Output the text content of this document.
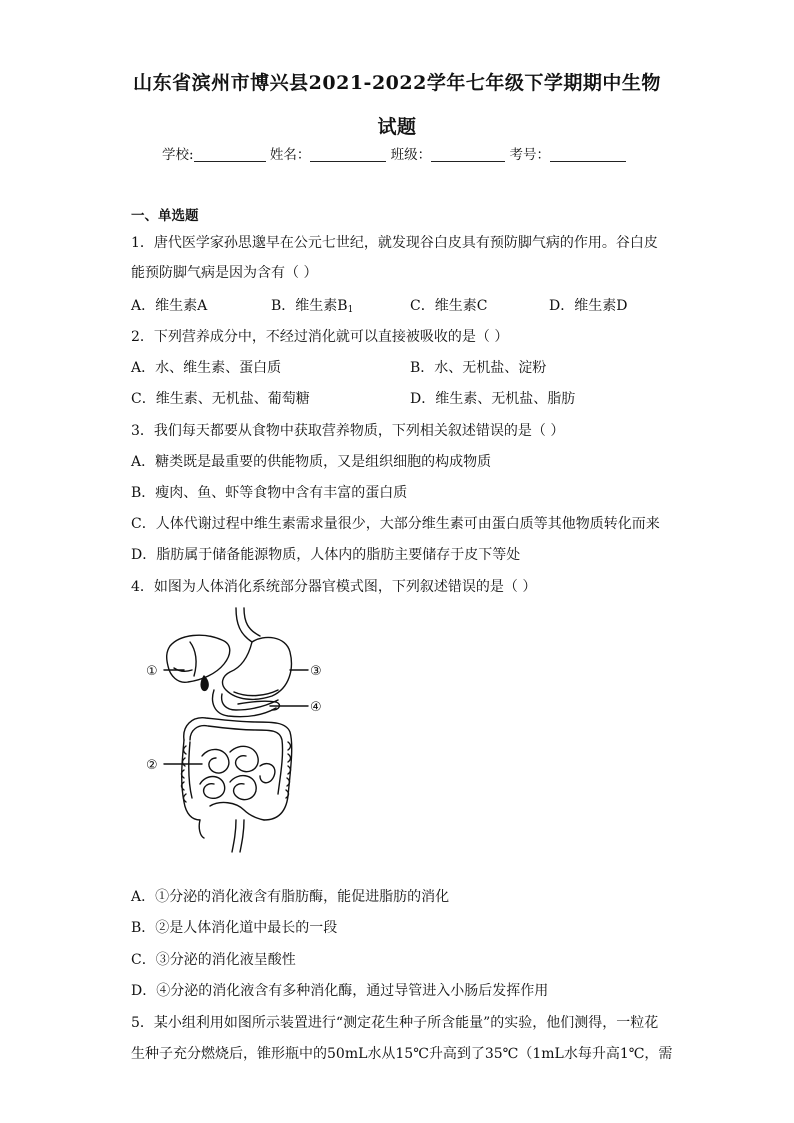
山东省滨州市博兴县2021-2022学年七年级下学期期中生物
试题
学校:	姓名：	班级：	考号：
一、单选题
1．唐代医学家孙思邈早在公元七世纪，就发现谷白皮具有预防脚气病的作用。谷白皮
能预防脚气病是因为含有（ ）
A．维生素A	B．维生素$B_1$	C．维生素C	D．维生素D
2．下列营养成分中，不经过消化就可以直接被吸收的是（ ）
A．水、维生素、蛋白质	B．水、无机盐、淀粉
C．维生素、无机盐、葡萄糖	D．维生素、无机盐、脂肪
3．我们每天都要从食物中获取营养物质，下列相关叙述错误的是（ ）
A．糖类既是最重要的供能物质，又是组织细胞的构成物质
B．瘦肉、鱼、虾等食物中含有丰富的蛋白质
C．人体代谢过程中维生素需求量很少，大部分维生素可由蛋白质等其他物质转化而来
D．脂肪属于储备能源物质，人体内的脂肪主要储存于皮下等处
4．如图为人体消化系统部分器官模式图，下列叙述错误的是（ ）
①
②
③
④
A．①分泌的消化液含有脂肪酶，能促进脂肪的消化
B．②是人体消化道中最长的一段
C．③分泌的消化液呈酸性
D．④分泌的消化液含有多种消化酶，通过导管进入小肠后发挥作用
5．某小组利用如图所示装置进行“测定花生种子所含能量”的实验，他们测得，一粒花
生种子充分燃烧后，锥形瓶中的50mL水从15℃升高到了35℃（1mL水每升高1℃，需
